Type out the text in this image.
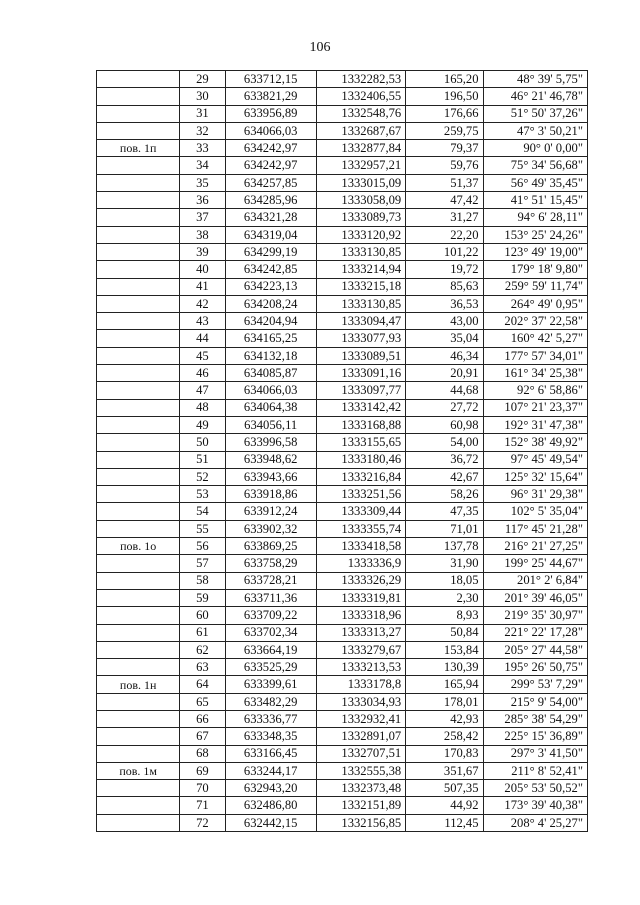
106
	29	633712,15	1332282,53	165,20	48° 39' 5,75"
	30	633821,29	1332406,55	196,50	46° 21' 46,78"
	31	633956,89	1332548,76	176,66	51° 50' 37,26"
	32	634066,03	1332687,67	259,75	47° 3' 50,21"
пов. 1п	33	634242,97	1332877,84	79,37	90° 0' 0,00"
	34	634242,97	1332957,21	59,76	75° 34' 56,68"
	35	634257,85	1333015,09	51,37	56° 49' 35,45"
	36	634285,96	1333058,09	47,42	41° 51' 15,45"
	37	634321,28	1333089,73	31,27	94° 6' 28,11"
	38	634319,04	1333120,92	22,20	153° 25' 24,26"
	39	634299,19	1333130,85	101,22	123° 49' 19,00"
	40	634242,85	1333214,94	19,72	179° 18' 9,80"
	41	634223,13	1333215,18	85,63	259° 59' 11,74"
	42	634208,24	1333130,85	36,53	264° 49' 0,95"
	43	634204,94	1333094,47	43,00	202° 37' 22,58"
	44	634165,25	1333077,93	35,04	160° 42' 5,27"
	45	634132,18	1333089,51	46,34	177° 57' 34,01"
	46	634085,87	1333091,16	20,91	161° 34' 25,38"
	47	634066,03	1333097,77	44,68	92° 6' 58,86"
	48	634064,38	1333142,42	27,72	107° 21' 23,37"
	49	634056,11	1333168,88	60,98	192° 31' 47,38"
	50	633996,58	1333155,65	54,00	152° 38' 49,92"
	51	633948,62	1333180,46	36,72	97° 45' 49,54"
	52	633943,66	1333216,84	42,67	125° 32' 15,64"
	53	633918,86	1333251,56	58,26	96° 31' 29,38"
	54	633912,24	1333309,44	47,35	102° 5' 35,04"
	55	633902,32	1333355,74	71,01	117° 45' 21,28"
пов. 1о	56	633869,25	1333418,58	137,78	216° 21' 27,25"
	57	633758,29	1333336,9	31,90	199° 25' 44,67"
	58	633728,21	1333326,29	18,05	201° 2' 6,84"
	59	633711,36	1333319,81	2,30	201° 39' 46,05"
	60	633709,22	1333318,96	8,93	219° 35' 30,97"
	61	633702,34	1333313,27	50,84	221° 22' 17,28"
	62	633664,19	1333279,67	153,84	205° 27' 44,58"
	63	633525,29	1333213,53	130,39	195° 26' 50,75"
пов. 1н	64	633399,61	1333178,8	165,94	299° 53' 7,29"
	65	633482,29	1333034,93	178,01	215° 9' 54,00"
	66	633336,77	1332932,41	42,93	285° 38' 54,29"
	67	633348,35	1332891,07	258,42	225° 15' 36,89"
	68	633166,45	1332707,51	170,83	297° 3' 41,50"
пов. 1м	69	633244,17	1332555,38	351,67	211° 8' 52,41"
	70	632943,20	1332373,48	507,35	205° 53' 50,52"
	71	632486,80	1332151,89	44,92	173° 39' 40,38"
	72	632442,15	1332156,85	112,45	208° 4' 25,27"
